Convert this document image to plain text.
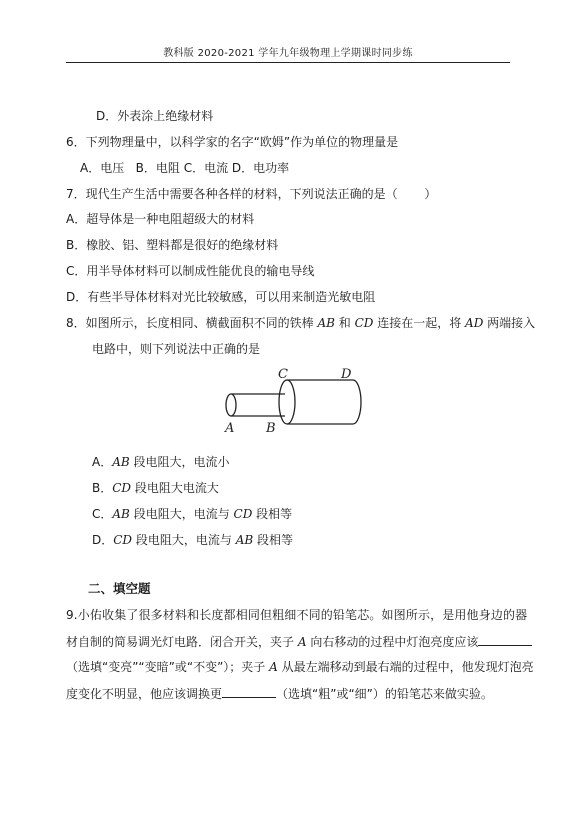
教科版 2020-2021 学年九年级物理上学期课时同步练
D．外表涂上绝缘材料
6．下列物理量中，以科学家的名字“欧姆”作为单位的物理量是
A．电压   B．电阻 C．电流 D．电功率
7．现代生产生活中需要各种各样的材料，下列说法正确的是（       ）
A．超导体是一种电阻超级大的材料
B．橡胶、铝、塑料都是很好的绝缘材料
C．用半导体材料可以制成性能优良的输电导线
D．有些半导体材料对光比较敏感，可以用来制造光敏电阻
8．如图所示，长度相同、横截面积不同的铁棒 AB 和 CD 连接在一起，将 AD 两端接入
电路中，则下列说法中正确的是
A B
C	D
A．AB 段电阻大，电流小
B．CD 段电阻大电流大
C．AB 段电阻大，电流与 CD 段相等
D．CD 段电阻大，电流与 AB 段相等
二、填空题
9.小佑收集了很多材料和长度都相同但粗细不同的铅笔芯。如图所示，是用他身边的器
材自制的简易调光灯电路．闭合开关，夹子 A 向右移动的过程中灯泡亮度应该
（选填“变亮”“变暗”或“不变”）；夹子 A 从最左端移动到最右端的过程中，他发现灯泡亮
度变化不明显，他应该调换更	（选填“粗”或“细”）的铅笔芯来做实验。
